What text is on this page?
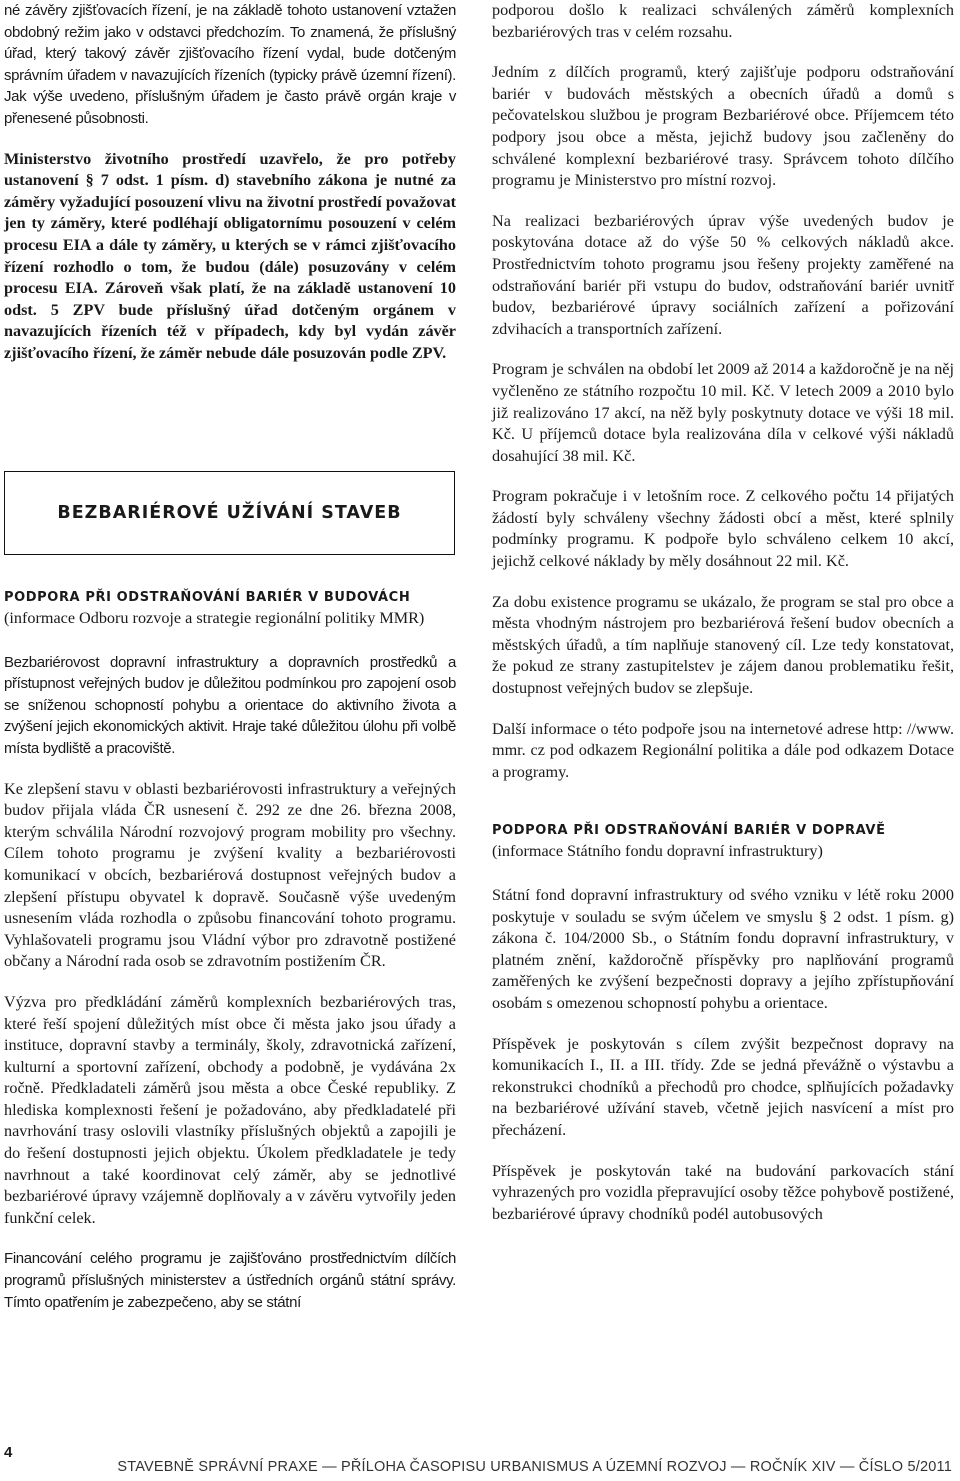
né závěry zjišťovacích řízení, je na základě tohoto ustanovení vztažen obdobný režim jako v odstavci předchozím. To znamená, že příslušný úřad, který takový závěr zjišťovacího řízení vydal, bude dotčeným správním úřadem v navazujících řízeních (typicky právě územní řízení). Jak výše uvedeno, příslušným úřadem je často právě orgán kraje v přenesené působnosti.

Ministerstvo životního prostředí uzavřelo, že pro potřeby ustanovení § 7 odst. 1 písm. d) stavebního zákona je nutné za záměry vyžadující posouzení vlivu na životní prostředí považovat jen ty záměry, které podléhají obligatornímu posouzení v celém procesu EIA a dále ty záměry, u kterých se v rámci zjišťovacího řízení rozhodlo o tom, že budou (dále) posuzovány v celém procesu EIA. Zároveň však platí, že na základě ustanovení 10 odst. 5 ZPV bude příslušný úřad dotčeným orgánem v navazujících řízeních též v případech, kdy byl vydán závěr zjišťovacího řízení, že záměr nebude dále posuzován podle ZPV.

BEZBARIÉROVÉ UŽÍVÁNÍ STAVEB

PODPORA PŘI ODSTRAŇOVÁNÍ BARIÉR V BUDOVÁCH

(informace Odboru rozvoje a strategie regionální politiky MMR)

Bezbariérovost dopravní infrastruktury a dopravních prostředků a přístupnost veřejných budov je důležitou podmínkou pro zapojení osob se sníženou schopností pohybu a orientace do aktivního života a zvýšení jejich ekonomických aktivit. Hraje také důležitou úlohu při volbě místa bydliště a pracoviště.

Ke zlepšení stavu v oblasti bezbariérovosti infrastruktury a veřejných budov přijala vláda ČR usnesení č. 292 ze dne 26. března 2008, kterým schválila Národní rozvojový program mobility pro všechny. Cílem tohoto programu je zvýšení kvality a bezbariérovosti komunikací v obcích, bezbariérová dostupnost veřejných budov a zlepšení přístupu obyvatel k dopravě. Současně výše uvedeným usnesením vláda rozhodla o způsobu financování tohoto programu. Vyhlašovateli programu jsou Vládní výbor pro zdravotně postižené občany a Národní rada osob se zdravotním postižením ČR.

Výzva pro předkládání záměrů komplexních bezbariérových tras, které řeší spojení důležitých míst obce či města jako jsou úřady a instituce, dopravní stavby a terminály, školy, zdravotnická zařízení, kulturní a sportovní zařízení, obchody a podobně, je vydávána 2x ročně. Předkladateli záměrů jsou města a obce České republiky. Z hlediska komplexnosti řešení je požadováno, aby předkladatelé při navrhování trasy oslovili vlastníky příslušných objektů a zapojili je do řešení dostupnosti jejich objektu. Úkolem předkladatele je tedy navrhnout a také koordinovat celý záměr, aby se jednotlivé bezbariérové úpravy vzájemně doplňovaly a v závěru vytvořily jeden funkční celek.

Financování celého programu je zajišťováno prostřednictvím dílčích programů příslušných ministerstev a ústředních orgánů státní správy. Tímto opatřením je zabezpečeno, aby se státní

podporou došlo k realizaci schválených záměrů komplexních bezbariérových tras v celém rozsahu.

Jedním z dílčích programů, který zajišťuje podporu odstraňování bariér v budovách městských a obecních úřadů a domů s pečovatelskou službou je program Bezbariérové obce. Příjemcem této podpory jsou obce a města, jejichž budovy jsou začleněny do schválené komplexní bezbariérové trasy. Správcem tohoto dílčího programu je Ministerstvo pro místní rozvoj.

Na realizaci bezbariérových úprav výše uvedených budov je poskytována dotace až do výše 50 % celkových nákladů akce. Prostřednictvím tohoto programu jsou řešeny projekty zaměřené na odstraňování bariér při vstupu do budov, odstraňování bariér uvnitř budov, bezbariérové úpravy sociálních zařízení a pořizování zdvihacích a transportních zařízení.

Program je schválen na období let 2009 až 2014 a každoročně je na něj vyčleněno ze státního rozpočtu 10 mil. Kč. V letech 2009 a 2010 bylo již realizováno 17 akcí, na něž byly poskytnuty dotace ve výši 18 mil. Kč. U příjemců dotace byla realizována díla v celkové výši nákladů dosahující 38 mil. Kč.

Program pokračuje i v letošním roce. Z celkového počtu 14 přijatých žádostí byly schváleny všechny žádosti obcí a měst, které splnily podmínky programu. K podpoře bylo schváleno celkem 10 akcí, jejichž celkové náklady by měly dosáhnout 22 mil. Kč.

Za dobu existence programu se ukázalo, že program se stal pro obce a města vhodným nástrojem pro bezbariérová řešení budov obecních a městských úřadů, a tím naplňuje stanovený cíl. Lze tedy konstatovat, že pokud ze strany zastupitelstev je zájem danou problematiku řešit, dostupnost veřejných budov se zlepšuje.

Další informace o této podpoře jsou na internetové adrese http: //www. mmr. cz pod odkazem Regionální politika a dále pod odkazem Dotace a programy.

PODPORA PŘI ODSTRAŇOVÁNÍ BARIÉR V DOPRAVĚ

(informace Státního fondu dopravní infrastruktury)

Státní fond dopravní infrastruktury od svého vzniku v létě roku 2000 poskytuje v souladu se svým účelem ve smyslu § 2 odst. 1 písm. g) zákona č. 104/2000 Sb., o Státním fondu dopravní infrastruktury, v platném znění, každoročně příspěvky pro naplňování programů zaměřených ke zvýšení bezpečnosti dopravy a jejího zpřístupňování osobám s omezenou schopností pohybu a orientace.

Příspěvek je poskytován s cílem zvýšit bezpečnost dopravy na komunikacích I., II. a III. třídy. Zde se jedná převážně o výstavbu a rekonstrukci chodníků a přechodů pro chodce, splňujících požadavky na bezbariérové užívání staveb, včetně jejich nasvícení a míst pro přecházení.

Příspěvek je poskytován také na budování parkovacích stání vyhrazených pro vozidla přepravující osoby těžce pohybově postižené, bezbariérové úpravy chodníků podél autobusových

4
STAVEBNĚ SPRÁVNÍ PRAXE — PŘÍLOHA ČASOPISU URBANISMUS A ÚZEMNÍ ROZVOJ — ROČNÍK XIV — ČÍSLO 5/2011
